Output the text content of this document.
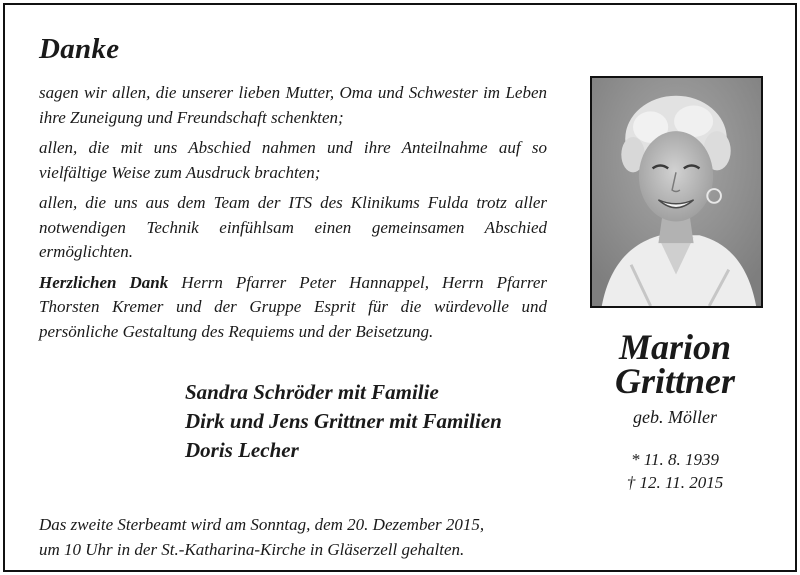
Danke

sagen wir allen, die unserer lieben Mutter, Oma und Schwester im Leben ihre Zuneigung und Freundschaft schenkten;

allen, die mit uns Abschied nahmen und ihre Anteilnahme auf so vielfältige Weise zum Ausdruck brachten;

allen, die uns aus dem Team der ITS des Klinikums Fulda trotz aller notwendigen Technik einfühlsam einen gemeinsamen Abschied ermöglichten.

Herzlichen Dank Herrn Pfarrer Peter Hannappel, Herrn Pfarrer Thorsten Kremer und der Gruppe Esprit für die würdevolle und persönliche Gestaltung des Requiems und der Beisetzung.

Sandra Schröder mit Familie
Dirk und Jens Grittner mit Familien
Doris Lecher
Das zweite Sterbeamt wird am Sonntag, dem 20. Dezember 2015,
um 10 Uhr in der St.-Katharina-Kirche in Gläserzell gehalten.
Marion
Grittner
geb. Möller
* 11. 8. 1939
† 12. 11. 2015
